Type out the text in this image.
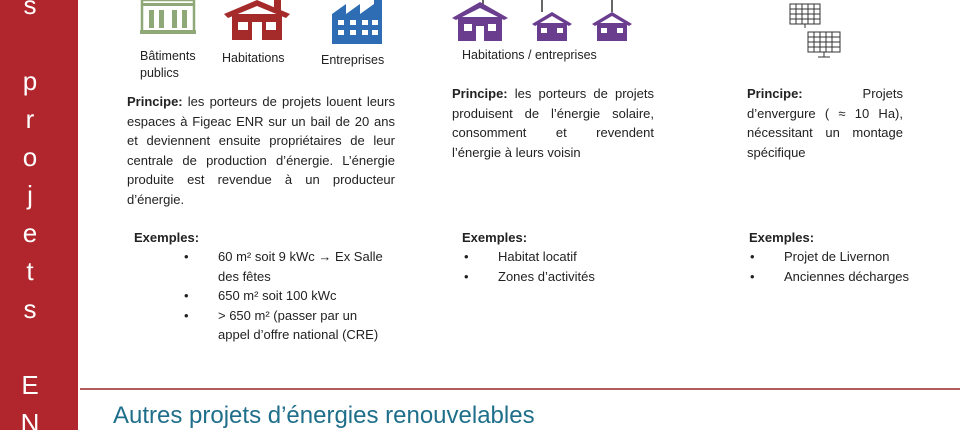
s
p
r
o
j
e
t
s
E
N
Bâtiments publics
Habitations	Entreprises
Principe: les porteurs de projets louent leurs espaces à Figeac ENR sur un bail de 20 ans et deviennent ensuite propriétaires de leur centrale de production d’énergie. L’énergie produite est revendue à un producteur d’énergie.
Exemples:
• 60 m² soit 9 kWc → Ex Salle des fêtes
• 650 m² soit 100 kWc
• > 650 m² (passer par un appel d’offre national (CRE)
Habitations / entreprises
Principe: les porteurs de projets produisent de l’énergie solaire, consomment et revendent l’énergie à leurs voisin
Exemples:
• Habitat locatif
• Zones d’activités
Principe: Projets d’envergure ( ≈ 10 Ha), nécessitant un montage spécifique
Exemples:
• Projet de Livernon
• Anciennes décharges
Autres projets d’énergies renouvelables
